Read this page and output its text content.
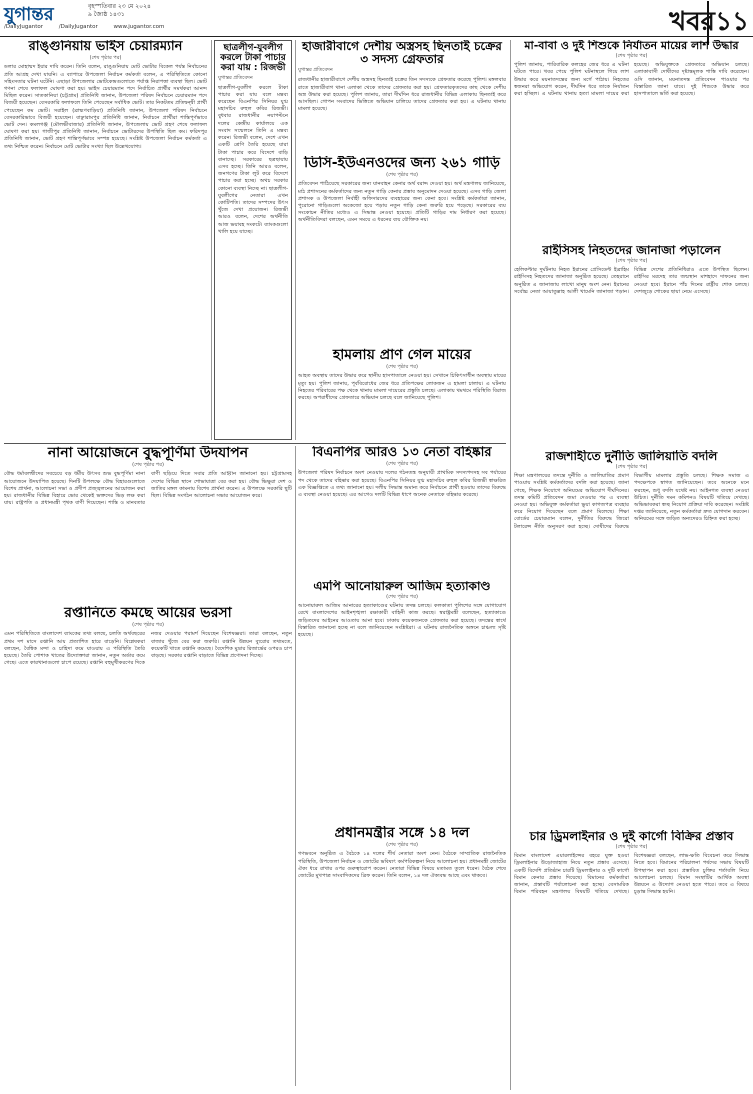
যুগান্তর	বৃহস্পতিবার ২৩ মে ২০২৪
৯ জ্যৈষ্ঠ ১৪৩১
/DailyJugantor	/DailyJugantor	www.jugantor.com	খবর ১১
রাঙ্গুনিয়ায় ভাইস চেয়ারম্যান
(শেষ পৃষ্ঠার পর)
ডলার মোহাম্মদ ইয়ার দাবি করেন। তিনি বলেন, রাঙ্গুনিয়ায় মোট ভোটার বিকেল পর্যন্ত নির্বাচনের প্রতি আগ্রহ দেখা যায়নি। এ ব্যাপারে উপজেলা নির্বাচন কর্মকর্তা বলেন, এ পরিস্থিতিতে কোনো সহিংসতার ঘটনা ঘটেনি। এছাড়া উপজেলার ভোটকেন্দ্রগুলোতে পর্যাপ্ত নিরাপত্তা ব্যবস্থা ছিল। ভোট গণনা শেষে ফলাফল ঘোষণা করা হয়। ভাইস চেয়ারম্যান পদে নির্বাচিত প্রার্থীর সমর্থকরা আনন্দ মিছিল করেন। সাতকানিয়া (চট্টগ্রাম) প্রতিনিধি জানান, উপজেলা পরিষদ নির্বাচনে চেয়ারম্যান পদে বিজয়ী হয়েছেন। বেসরকারি ফলাফলে তিনি পেয়েছেন সর্বাধিক ভোট। তার নিকটতম প্রতিদ্বন্দ্বী প্রার্থী পেয়েছেন কম ভোট। সরাইল (ব্রাহ্মণবাড়িয়া) প্রতিনিধি জানান, উপজেলা পরিষদ নির্বাচনে বেসরকারিভাবে বিজয়ী হয়েছেন। বাঞ্ছারামপুর প্রতিনিধি জানান, নির্বাচনে প্রার্থীরা শান্তিপূর্ণভাবে ভোট দেন। কমলগঞ্জ (মৌলভীবাজার) প্রতিনিধি জানান, উপজেলায় ভোট গ্রহণ শেষে ফলাফল ঘোষণা করা হয়। গাজীপুর প্রতিনিধি জানান, নির্বাচনে ভোটারদের উপস্থিতি ছিল কম। ফরিদপুর প্রতিনিধি জানান, ভোট গ্রহণ শান্তিপূর্ণভাবে সম্পন্ন হয়েছে। সংশ্লিষ্ট উপজেলা নির্বাচন কর্মকর্তা এ তথ্য নিশ্চিত করেন। নির্বাচনে মোট ভোটার সংখ্যা ছিল উল্লেখযোগ্য।
ছাত্রলীগ-যুবলীগ করলে টাকা পাচার করা যায় : রিজভী
যুগান্তর প্রতিবেদন
ছাত্রলীগ-যুবলীগ করলে টাকা পাচার করা যায় বলে মন্তব্য করেছেন বিএনপির সিনিয়র যুগ্ম মহাসচিব রুহুল কবির রিজভী। বুধবার রাজধানীর নয়াপল্টনে দলের কেন্দ্রীয় কার্যালয়ে এক সংবাদ সম্মেলনে তিনি এ মন্তব্য করেন। রিজভী বলেন, দেশে এখন একটি শ্রেণি তৈরি হয়েছে যারা টাকা পাচার করে বিদেশে বাড়ি বানাচ্ছে। সরকারের ছত্রছায়ায় এসব হচ্ছে। তিনি আরও বলেন, জনগণের টাকা লুট করে বিদেশে পাচার করা হচ্ছে। অথচ সরকার কোনো ব্যবস্থা নিচ্ছে না। ছাত্রলীগ-যুবলীগের নেতারা এখন কোটিপতি। তাদের সম্পদের উৎস খুঁজে দেখা প্রয়োজন। রিজভী আরও বলেন, দেশের অর্থনীতি আজ ভয়াবহ সংকটে। ব্যাংকগুলো খালি হয়ে যাচ্ছে।
হাজারীবাগে দেশীয় অস্ত্রসহ ছিনতাই চক্রের ৩ সদস্য গ্রেফতার
যুগান্তর প্রতিবেদন
রাজধানীর হাজারীবাগে দেশীয় অস্ত্রসহ ছিনতাই চক্রের তিন সদস্যকে গ্রেফতার করেছে পুলিশ। মঙ্গলবার রাতে হাজারীবাগ থানা এলাকা থেকে তাদের গ্রেফতার করা হয়। গ্রেফতারকৃতদের কাছ থেকে দেশীয় অস্ত্র উদ্ধার করা হয়েছে। পুলিশ জানায়, তারা দীর্ঘদিন ধরে রাজধানীর বিভিন্ন এলাকায় ছিনতাই করে আসছিল। গোপন সংবাদের ভিত্তিতে অভিযান চালিয়ে তাদের গ্রেফতার করা হয়। এ ঘটনায় থানায় মামলা হয়েছে।
ডিসি-ইউএনওদের জন্য ২৬১ গাড়ি
(শেষ পৃষ্ঠার পর)
প্রতিবেদন পাঠিয়েছে সরকারের জন্য যানবাহন কেনার অর্থ বরাদ্দ দেওয়া হয়। অর্থ মন্ত্রণালয় জানিয়েছে, মাঠ প্রশাসনের কর্মকর্তাদের জন্য নতুন গাড়ি কেনার প্রস্তাব অনুমোদন দেওয়া হয়েছে। এসব গাড়ি জেলা প্রশাসক ও উপজেলা নির্বাহী অফিসারদের ব্যবহারের জন্য কেনা হবে। সংশ্লিষ্ট কর্মকর্তারা জানান, পুরোনো গাড়িগুলো অকেজো হয়ে পড়ায় নতুন গাড়ি কেনা জরুরি হয়ে পড়েছে। সরকারের ব্যয় সংকোচন নীতির মধ্যেও এ সিদ্ধান্ত নেওয়া হয়েছে। প্রতিটি গাড়ির দাম নির্ধারণ করা হয়েছে। অর্থনীতিবিদরা বলছেন, এমন সময়ে এ ধরনের ব্যয় যৌক্তিক নয়।
হামলায় প্রাণ গেল মায়ের
(শেষ পৃষ্ঠার পর)
আহত অবস্থায় তাদের উদ্ধার করে স্থানীয় হাসপাতালে নেওয়া হয়। সেখানে চিকিৎসাধীন অবস্থায় মায়ের মৃত্যু হয়। পুলিশ জানায়, পূর্ববিরোধের জের ধরে প্রতিপক্ষের লোকজন এ হামলা চালায়। এ ঘটনায় নিহতের পরিবারের পক্ষ থেকে থানায় মামলা দায়েরের প্রস্তুতি চলছে। এলাকায় থমথমে পরিস্থিতি বিরাজ করছে। অপরাধীদের গ্রেফতারে অভিযান চলছে বলে জানিয়েছে পুলিশ।
নানা আয়োজনে বুদ্ধপূর্ণিমা উদযাপন
(শেষ পৃষ্ঠার পর)
বৌদ্ধ ধর্মাবলম্বীদের সবচেয়ে বড় ধর্মীয় উৎসব শুভ বুদ্ধপূর্ণিমা নানা আয়োজনে উদযাপিত হয়েছে। দিনটি উপলক্ষে বৌদ্ধ বিহারগুলোতে বিশেষ প্রার্থনা, আলোচনা সভা ও প্রদীপ প্রজ্জ্বলনের আয়োজন করা হয়। রাজধানীর বিভিন্ন বিহারে ভোর থেকেই ভক্তদের ভিড় লক্ষ করা যায়। রাষ্ট্রপতি ও প্রধানমন্ত্রী পৃথক বাণী দিয়েছেন। শান্তি ও মানবতার বাণী ছড়িয়ে দিতে সবার প্রতি আহ্বান জানানো হয়। চট্টগ্রামসহ দেশের বিভিন্ন স্থানে শোভাযাত্রা বের করা হয়। বৌদ্ধ ভিক্ষুরা দেশ ও জাতির মঙ্গল কামনায় বিশেষ প্রার্থনা করেন। এ উপলক্ষে সরকারি ছুটি ছিল। বিভিন্ন সংগঠন আলোচনা সভার আয়োজন করে।
বিএনপির আরও ১৩ নেতা বহিষ্কার
(শেষ পৃষ্ঠার পর)
উপজেলা পরিষদ নির্বাচনে অংশ নেওয়ায় দলের গঠনতন্ত্র অনুযায়ী প্রাথমিক সদস্যপদসহ সব পর্যায়ের পদ থেকে তাদের বহিষ্কার করা হয়েছে। বিএনপির সিনিয়র যুগ্ম মহাসচিব রুহুল কবির রিজভী স্বাক্ষরিত এক বিজ্ঞপ্তিতে এ তথ্য জানানো হয়। দলীয় সিদ্ধান্ত অমান্য করে নির্বাচনে প্রার্থী হওয়ায় তাদের বিরুদ্ধে এ ব্যবস্থা নেওয়া হয়েছে। এর আগেও দলটি বিভিন্ন ধাপে অনেক নেতাকে বহিষ্কার করেছে।
এমপি আনোয়ারুল আজিম হত্যাকাণ্ড
(শেষ পৃষ্ঠার পর)
আনোয়ারুল আজিম আনারের হত্যাকাণ্ডের ঘটনায় তদন্ত চলছে। কলকাতা পুলিশের সঙ্গে যোগাযোগ রেখে বাংলাদেশের আইনশৃঙ্খলা রক্ষাকারী বাহিনী কাজ করছে। স্বরাষ্ট্রমন্ত্রী বলেছেন, হত্যাকাণ্ডে জড়িতদের আইনের আওতায় আনা হবে। ঢাকায় কয়েকজনকে গ্রেফতার করা হয়েছে। তদন্তের স্বার্থে বিস্তারিত জানানো হচ্ছে না বলে জানিয়েছেন সংশ্লিষ্টরা। এ ঘটনায় রাজনৈতিক অঙ্গনে চাঞ্চল্য সৃষ্টি হয়েছে।
রপ্তানিতে কমছে আয়ের ভরসা
(শেষ পৃষ্ঠার পর)
এমন পরিস্থিতিতে বাংলাদেশ ব্যাংকের তথ্য বলছে, চলতি অর্থবছরের প্রথম দশ মাসে রপ্তানি আয় প্রত্যাশিত হারে বাড়েনি। বিশ্লেষকরা বলছেন, বৈশ্বিক মন্দা ও চাহিদা কমে যাওয়ায় এ পরিস্থিতি তৈরি হয়েছে। তৈরি পোশাক খাতের উদ্যোক্তারা জানান, নতুন অর্ডার কমে গেছে। এতে কারখানাগুলো চাপে রয়েছে। রপ্তানি বহুমুখীকরণের দিকে নজর দেওয়ার পরামর্শ দিয়েছেন বিশেষজ্ঞরা। তারা বলছেন, নতুন বাজার খুঁজে বের করা জরুরি। রপ্তানি উন্নয়ন ব্যুরোর তথ্যমতে, কয়েকটি খাতে রপ্তানি কমেছে। বৈদেশিক মুদ্রার রিজার্ভের ওপরও চাপ বাড়ছে। সরকার রপ্তানি বাড়াতে বিভিন্ন প্রণোদনা দিচ্ছে।
প্রধানমন্ত্রীর সঙ্গে ১৪ দল
(শেষ পৃষ্ঠার পর)
গণভবনে অনুষ্ঠিত এ বৈঠকে ১৪ দলের শীর্ষ নেতারা অংশ নেন। বৈঠকে সাম্প্রতিক রাজনৈতিক পরিস্থিতি, উপজেলা নির্বাচন ও জোটের ভবিষ্যৎ কর্মপরিকল্পনা নিয়ে আলোচনা হয়। প্রধানমন্ত্রী জোটের ঐক্য ধরে রাখার ওপর গুরুত্বারোপ করেন। নেতারা বিভিন্ন বিষয়ে মতামত তুলে ধরেন। বৈঠক শেষে জোটের মুখপাত্র সাংবাদিকদের ব্রিফ করেন। তিনি বলেন, ১৪ দল ঐক্যবদ্ধ আছে এবং থাকবে।
মা-বাবা ও দুই শিশুকে নির্যাতন মায়ের লাশ উদ্ধার
(শেষ পৃষ্ঠার পর)
পুলিশ জানায়, পারিবারিক কলহের জের ধরে এ ঘটনা ঘটতে পারে। খবর পেয়ে পুলিশ ঘটনাস্থলে গিয়ে লাশ উদ্ধার করে ময়নাতদন্তের জন্য মর্গে পাঠায়। নিহতের স্বজনরা অভিযোগ করেন, দীর্ঘদিন ধরে তাকে নির্যাতন করা হচ্ছিল। এ ঘটনায় থানায় হত্যা মামলা দায়ের করা হয়েছে। অভিযুক্তকে গ্রেফতারে অভিযান চলছে। এলাকাবাসী দোষীদের দৃষ্টান্তমূলক শাস্তি দাবি করেছেন। ওসি জানান, ময়নাতদন্ত প্রতিবেদন পাওয়ার পর বিস্তারিত জানা যাবে। দুই শিশুকে উদ্ধার করে হাসপাতালে ভর্তি করা হয়েছে।
রাইসিসহ নিহতদের জানাজা পড়ালেন
(শেষ পৃষ্ঠার পর)
হেলিকপ্টার দুর্ঘটনায় নিহত ইরানের প্রেসিডেন্ট ইব্রাহিম রাইসিসহ নিহতদের জানাজা অনুষ্ঠিত হয়েছে। তেহরানে অনুষ্ঠিত এ জানাজায় লাখো মানুষ অংশ নেন। ইরানের সর্বোচ্চ নেতা আয়াতুল্লাহ আলী খামেনি জানাজা পড়ান। বিভিন্ন দেশের প্রতিনিধিরাও এতে উপস্থিত ছিলেন। রাইসির মরদেহ তার জন্মস্থান মাশহাদে দাফনের জন্য নেওয়া হবে। ইরানে পাঁচ দিনের রাষ্ট্রীয় শোক চলছে। দেশজুড়ে শোকের ছায়া নেমে এসেছে।
রাজশাহীতে দুর্নীতি জালিয়াতি বদলি
(শেষ পৃষ্ঠার পর)
শিক্ষা মন্ত্রণালয়ের তদন্তে দুর্নীতি ও জালিয়াতির প্রমাণ পাওয়ায় সংশ্লিষ্ট কর্মকর্তাদের বদলি করা হয়েছে। জানা গেছে, শিক্ষক নিয়োগে অনিয়মের অভিযোগ দীর্ঘদিনের। তদন্ত কমিটি প্রতিবেদন জমা দেওয়ার পর এ ব্যবস্থা নেওয়া হয়। অভিযুক্ত কর্মকর্তারা ভুয়া কাগজপত্র ব্যবহার করে নিয়োগ দিয়েছেন বলে প্রমাণ মিলেছে। শিক্ষা বোর্ডের চেয়ারম্যান বলেন, দুর্নীতির বিরুদ্ধে জিরো টলারেন্স নীতি অনুসরণ করা হচ্ছে। দোষীদের বিরুদ্ধে বিভাগীয় মামলার প্রস্তুতি চলছে। শিক্ষক সমাজ এ পদক্ষেপকে স্বাগত জানিয়েছেন। তবে অনেকে মনে করছেন, শুধু বদলি যথেষ্ট নয়। আইনগত ব্যবস্থা নেওয়া উচিত। দুর্নীতি দমন কমিশনও বিষয়টি খতিয়ে দেখছে। অভিভাবকরা স্বচ্ছ নিয়োগ প্রক্রিয়া দাবি করেছেন। সংশ্লিষ্ট দপ্তর জানিয়েছে, নতুন কর্মকর্তারা দ্রুত যোগদান করবেন। অনিয়মের সঙ্গে জড়িত অন্যদেরও চিহ্নিত করা হচ্ছে।
চার ড্রিমলাইনার ও দুই কার্গো বিক্রির প্রস্তাব
(শেষ পৃষ্ঠার পর)
বিমান বাংলাদেশ এয়ারলাইন্সের বহরে যুক্ত হওয়া ড্রিমলাইনার উড়োজাহাজ নিয়ে নতুন প্রস্তাব এসেছে। একটি বিদেশি প্রতিষ্ঠান চারটি ড্রিমলাইনার ও দুটি কার্গো বিমান কেনার প্রস্তাব দিয়েছে। বিমানের কর্মকর্তারা জানান, প্রস্তাবটি পর্যালোচনা করা হচ্ছে। বেসামরিক বিমান পরিবহন মন্ত্রণালয় বিষয়টি খতিয়ে দেখছে। বিশেষজ্ঞরা বলছেন, লাভ-ক্ষতি বিবেচনা করে সিদ্ধান্ত নিতে হবে। বিমানের পরিচালনা পর্ষদের সভায় বিষয়টি উপস্থাপন করা হবে। প্রস্তাবিত চুক্তির শর্তাবলি নিয়ে আলোচনা চলছে। বিমান সংস্থাটির আর্থিক অবস্থা উন্নয়নে এ উদ্যোগ নেওয়া হতে পারে। তবে এ বিষয়ে চূড়ান্ত সিদ্ধান্ত হয়নি।
